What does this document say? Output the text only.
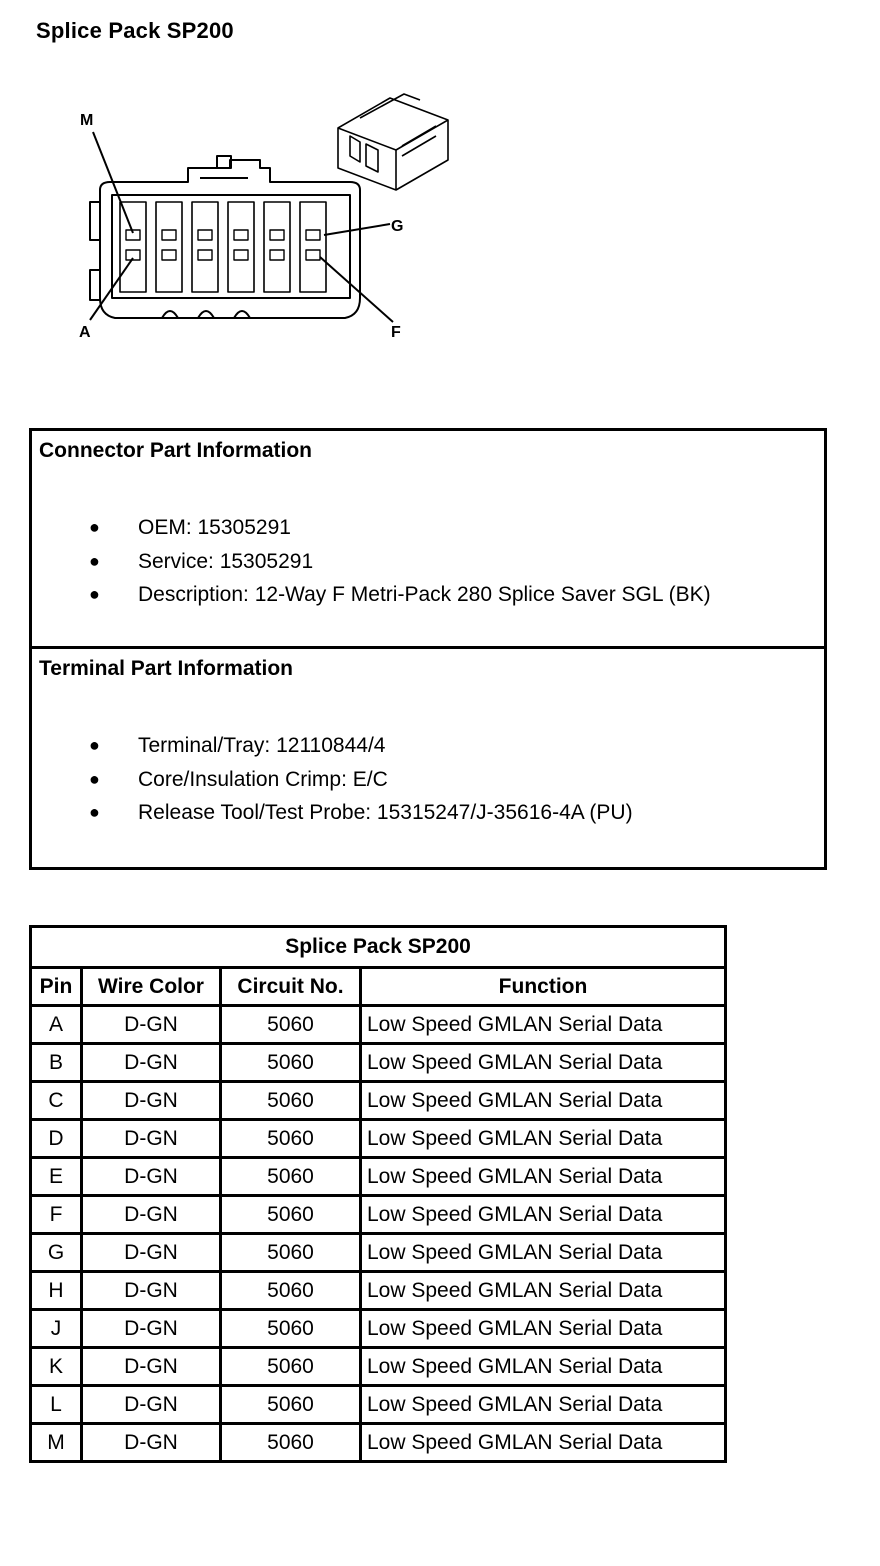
Splice Pack SP200
M
G
A	F
Connector Part Information
● OEM: 15305291
● Service: 15305291
● Description: 12-Way F Metri-Pack 280 Splice Saver SGL (BK)
Terminal Part Information
● Terminal/Tray: 12110844/4
● Core/Insulation Crimp: E/C
● Release Tool/Test Probe: 15315247/J-35616-4A (PU)
Splice Pack SP200			
Pin	Wire Color	Circuit No.	Function
A	D-GN	5060	Low Speed GMLAN Serial Data
B	D-GN	5060	Low Speed GMLAN Serial Data
C	D-GN	5060	Low Speed GMLAN Serial Data
D	D-GN	5060	Low Speed GMLAN Serial Data
E	D-GN	5060	Low Speed GMLAN Serial Data
F	D-GN	5060	Low Speed GMLAN Serial Data
G	D-GN	5060	Low Speed GMLAN Serial Data
H	D-GN	5060	Low Speed GMLAN Serial Data
J	D-GN	5060	Low Speed GMLAN Serial Data
K	D-GN	5060	Low Speed GMLAN Serial Data
L	D-GN	5060	Low Speed GMLAN Serial Data
M	D-GN	5060	Low Speed GMLAN Serial Data
